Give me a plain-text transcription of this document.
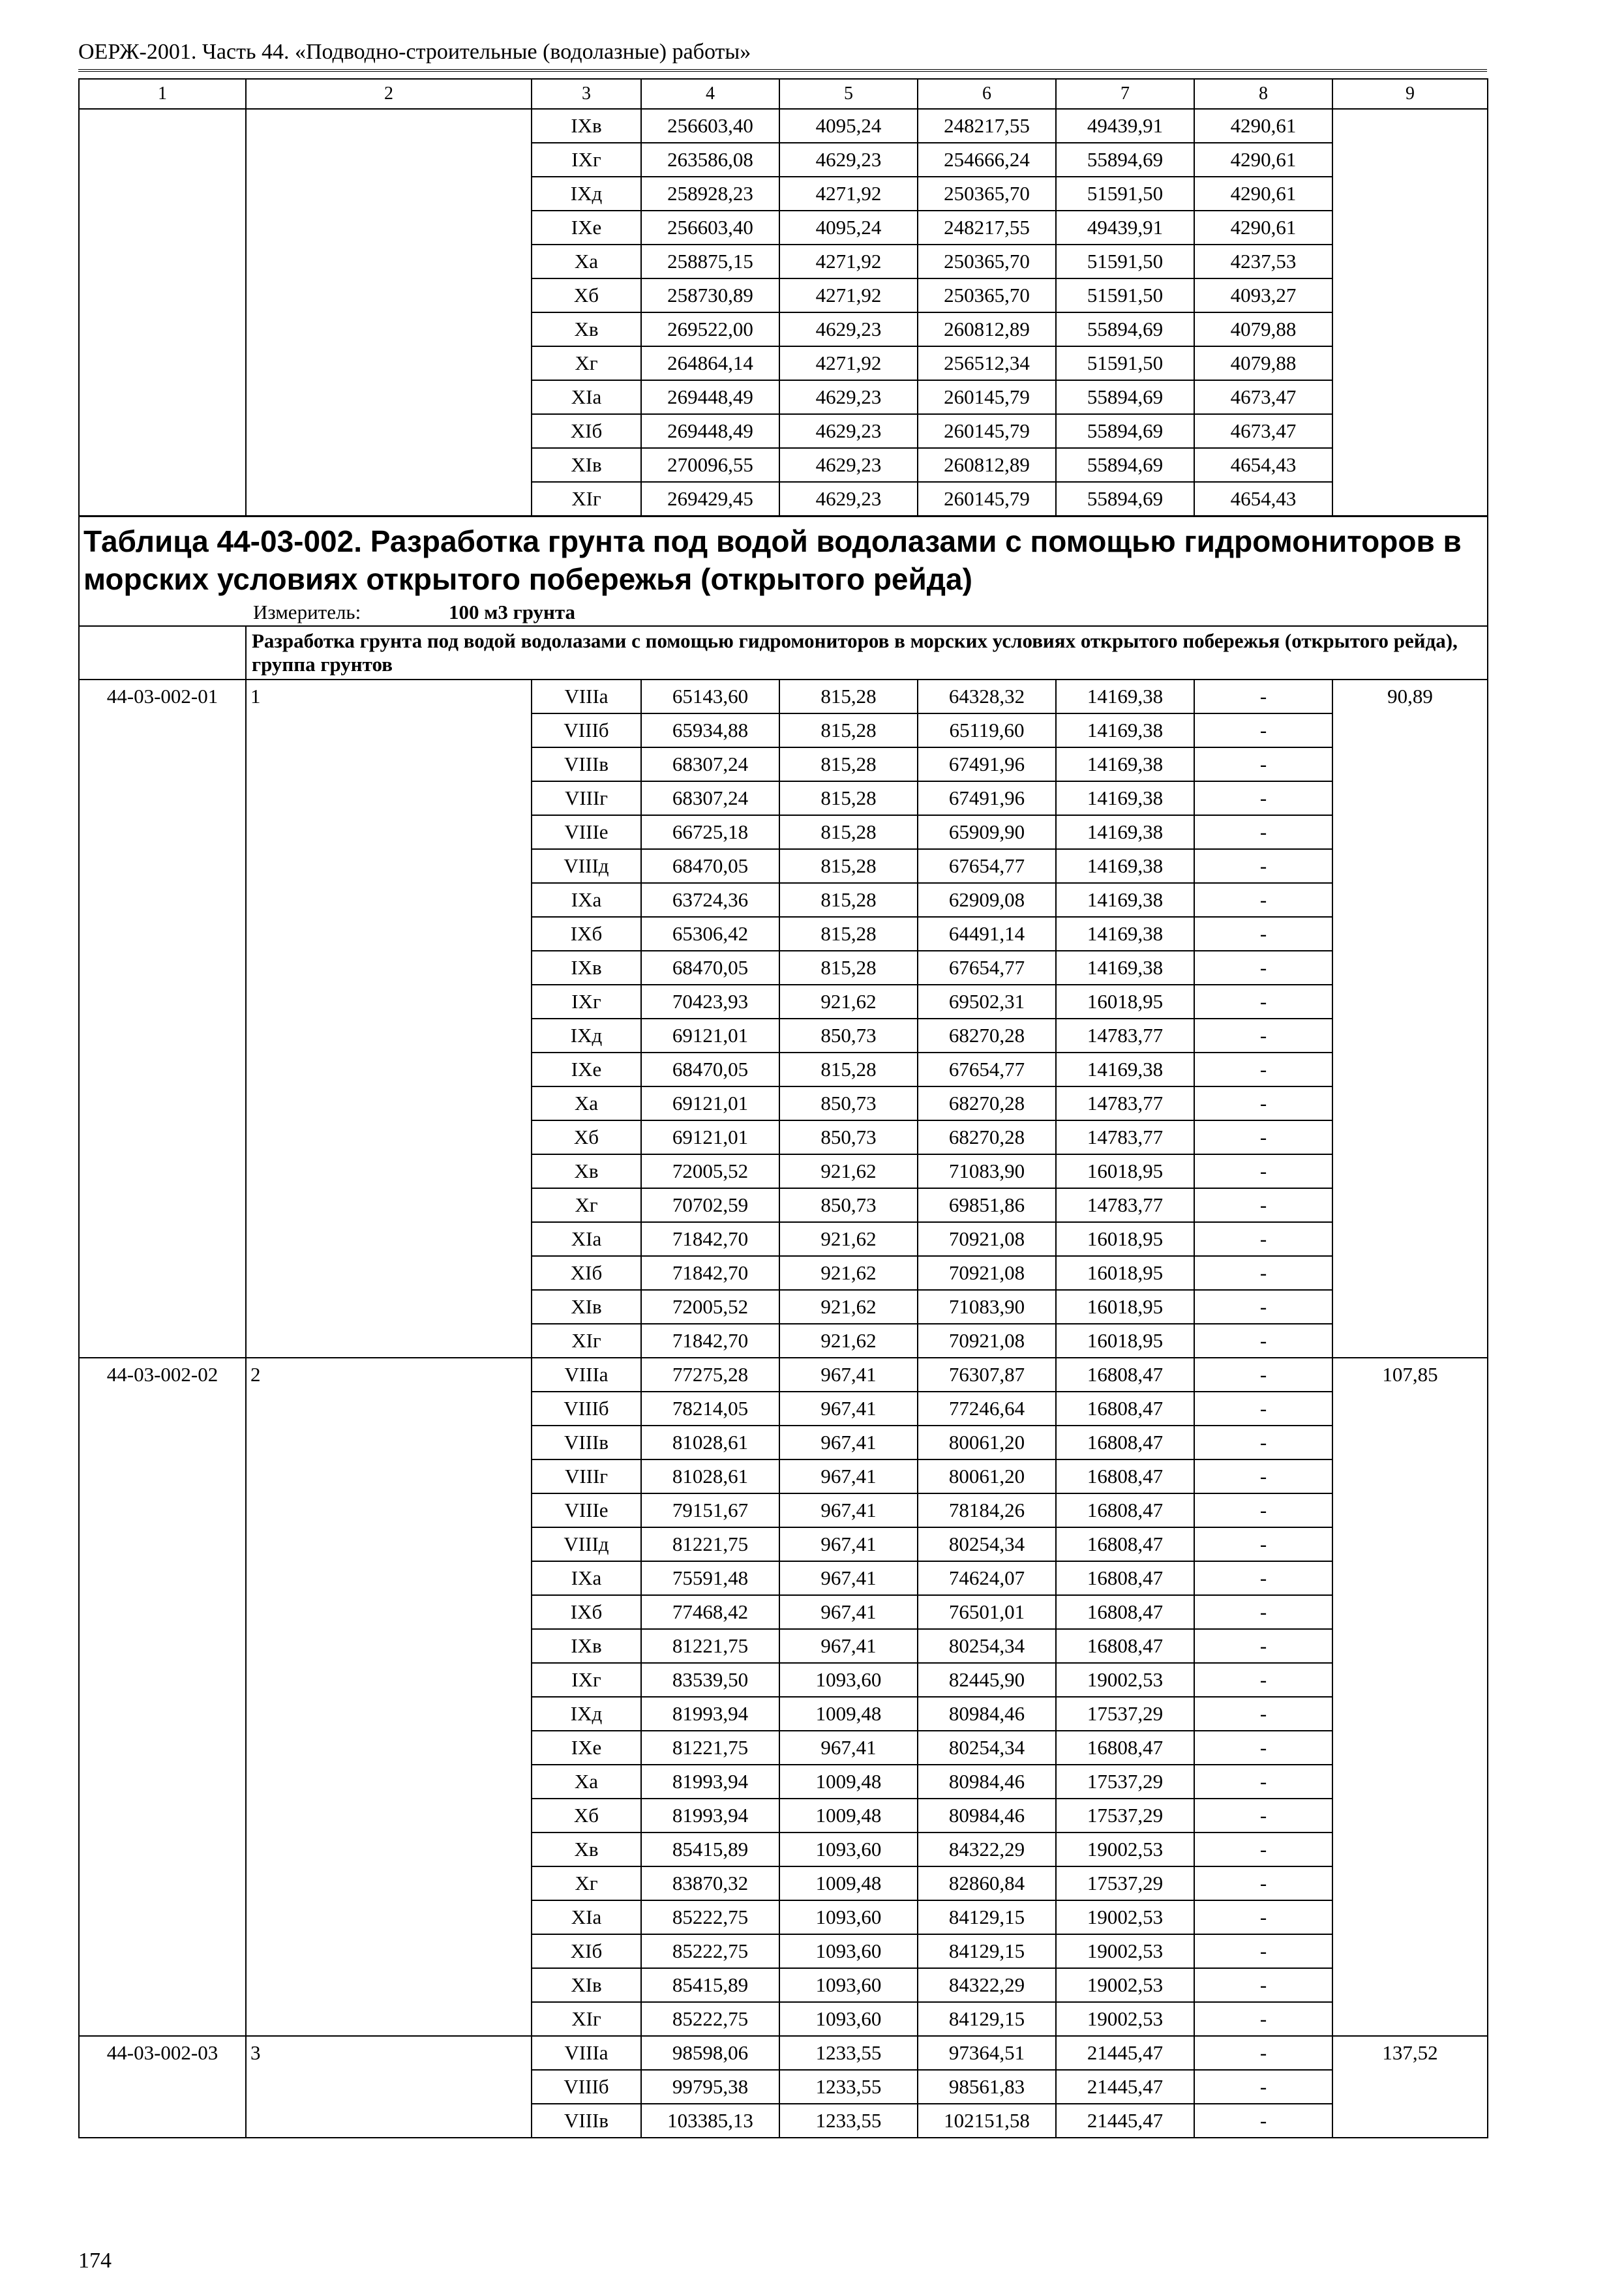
ОЕРЖ-2001. Часть 44. «Подводно-строительные (водолазные) работы»
1	2	3	4	5	6	7	8	9
		IXв	256603,40	4095,24	248217,55	49439,91	4290,61	
		IXг	263586,08	4629,23	254666,24	55894,69	4290,61	
		IXд	258928,23	4271,92	250365,70	51591,50	4290,61	
		IXе	256603,40	4095,24	248217,55	49439,91	4290,61	
		Xа	258875,15	4271,92	250365,70	51591,50	4237,53	
		Xб	258730,89	4271,92	250365,70	51591,50	4093,27	
		Xв	269522,00	4629,23	260812,89	55894,69	4079,88	
		Xг	264864,14	4271,92	256512,34	51591,50	4079,88	
		XIа	269448,49	4629,23	260145,79	55894,69	4673,47	
		XIб	269448,49	4629,23	260145,79	55894,69	4673,47	
		XIв	270096,55	4629,23	260812,89	55894,69	4654,43	
		XIг	269429,45	4629,23	260145,79	55894,69	4654,43	
Таблица 44-03-002. Разработка грунта под водой водолазами с помощью гидромониторов в морских условиях открытого побережья (открытого рейда)								
Измеритель: 100 м3 грунта								
	Разработка грунта под водой водолазами с помощью гидромониторов в морских условиях открытого побережья (открытого рейда), группа грунтов							
44-03-002-01	1	VIIIа	65143,60	815,28	64328,32	14169,38	-	90,89
		VIIIб	65934,88	815,28	65119,60	14169,38	-	
		VIIIв	68307,24	815,28	67491,96	14169,38	-	
		VIIIг	68307,24	815,28	67491,96	14169,38	-	
		VIIIе	66725,18	815,28	65909,90	14169,38	-	
		VIIIд	68470,05	815,28	67654,77	14169,38	-	
		IXа	63724,36	815,28	62909,08	14169,38	-	
		IXб	65306,42	815,28	64491,14	14169,38	-	
		IXв	68470,05	815,28	67654,77	14169,38	-	
		IXг	70423,93	921,62	69502,31	16018,95	-	
		IXд	69121,01	850,73	68270,28	14783,77	-	
		IXе	68470,05	815,28	67654,77	14169,38	-	
		Xа	69121,01	850,73	68270,28	14783,77	-	
		Xб	69121,01	850,73	68270,28	14783,77	-	
		Xв	72005,52	921,62	71083,90	16018,95	-	
		Xг	70702,59	850,73	69851,86	14783,77	-	
		XIа	71842,70	921,62	70921,08	16018,95	-	
		XIб	71842,70	921,62	70921,08	16018,95	-	
		XIв	72005,52	921,62	71083,90	16018,95	-	
		XIг	71842,70	921,62	70921,08	16018,95	-	
44-03-002-02	2	VIIIа	77275,28	967,41	76307,87	16808,47	-	107,85
		VIIIб	78214,05	967,41	77246,64	16808,47	-	
		VIIIв	81028,61	967,41	80061,20	16808,47	-	
		VIIIг	81028,61	967,41	80061,20	16808,47	-	
		VIIIе	79151,67	967,41	78184,26	16808,47	-	
		VIIIд	81221,75	967,41	80254,34	16808,47	-	
		IXа	75591,48	967,41	74624,07	16808,47	-	
		IXб	77468,42	967,41	76501,01	16808,47	-	
		IXв	81221,75	967,41	80254,34	16808,47	-	
		IXг	83539,50	1093,60	82445,90	19002,53	-	
		IXд	81993,94	1009,48	80984,46	17537,29	-	
		IXе	81221,75	967,41	80254,34	16808,47	-	
		Xа	81993,94	1009,48	80984,46	17537,29	-	
		Xб	81993,94	1009,48	80984,46	17537,29	-	
		Xв	85415,89	1093,60	84322,29	19002,53	-	
		Xг	83870,32	1009,48	82860,84	17537,29	-	
		XIа	85222,75	1093,60	84129,15	19002,53	-	
		XIб	85222,75	1093,60	84129,15	19002,53	-	
		XIв	85415,89	1093,60	84322,29	19002,53	-	
		XIг	85222,75	1093,60	84129,15	19002,53	-	
44-03-002-03	3	VIIIа	98598,06	1233,55	97364,51	21445,47	-	137,52
		VIIIб	99795,38	1233,55	98561,83	21445,47	-	
		VIIIв	103385,13	1233,55	102151,58	21445,47	-	
174
